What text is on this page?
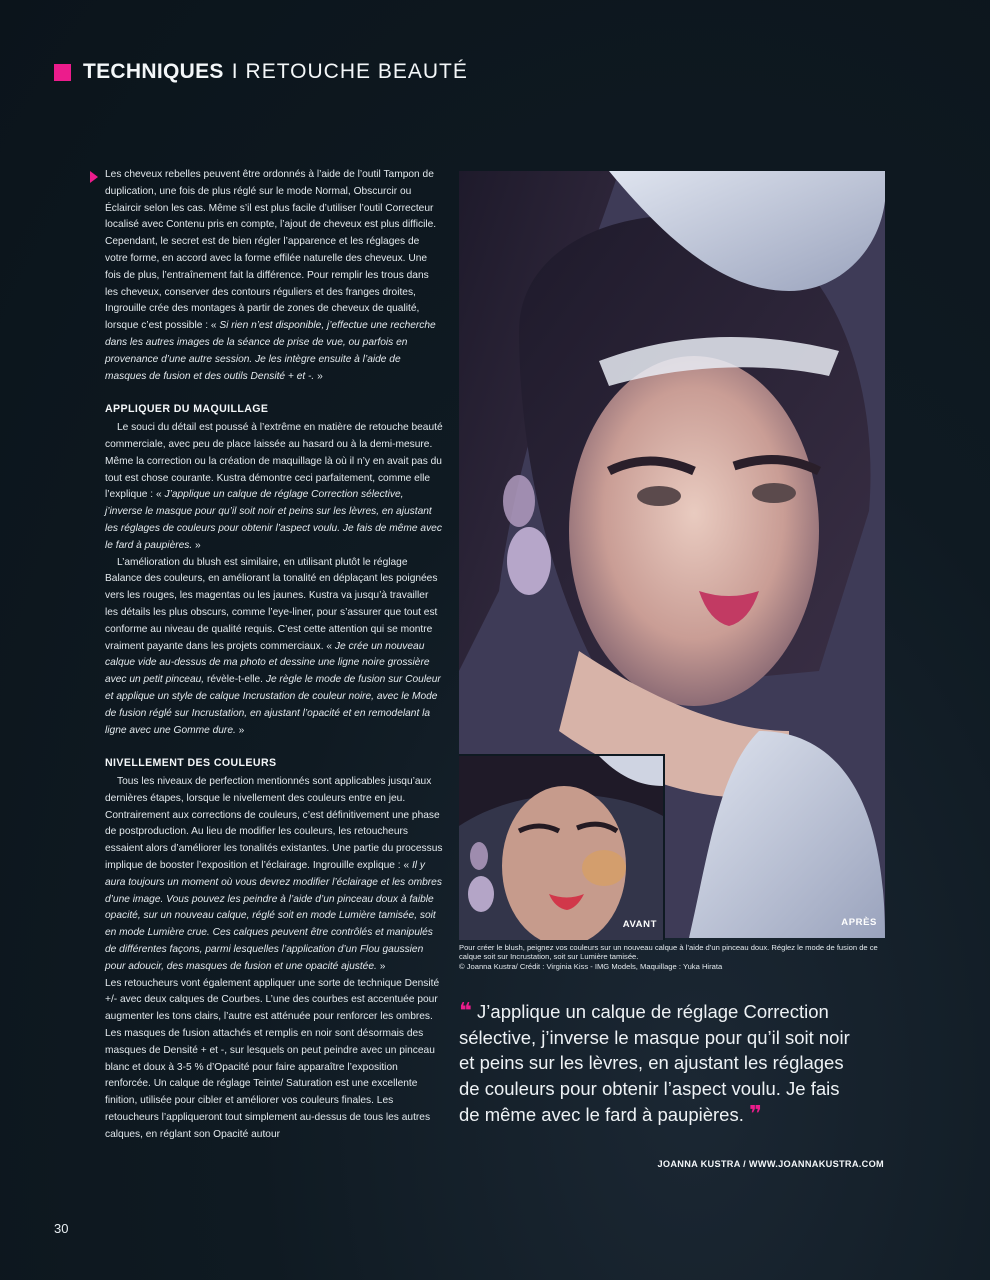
TECHNIQUES I RETOUCHE BEAUTÉ

Les cheveux rebelles peuvent être ordonnés à l’aide de l’outil Tampon de duplication, une fois de plus réglé sur le mode Normal, Obscurcir ou Éclaircir selon les cas. Même s’il est plus facile d’utiliser l’outil Correcteur localisé avec Contenu pris en compte, l’ajout de cheveux est plus difficile. Cependant, le secret est de bien régler l’apparence et les réglages de votre forme, en accord avec la forme effilée naturelle des cheveux. Une fois de plus, l’entraînement fait la différence. Pour remplir les trous dans les cheveux, conserver des contours réguliers et des franges droites, Ingrouille crée des montages à partir de zones de cheveux de qualité, lorsque c’est possible : « Si rien n’est disponible, j’effectue une recherche dans les autres images de la séance de prise de vue, ou parfois en provenance d’une autre session. Je les intègre ensuite à l’aide de masques de fusion et des outils Densité + et -. »

APPLIQUER DU MAQUILLAGE

Le souci du détail est poussé à l’extrême en matière de retouche beauté commerciale, avec peu de place laissée au hasard ou à la demi-mesure. Même la correction ou la création de maquillage là où il n’y en avait pas du tout est chose courante. Kustra démontre ceci parfaitement, comme elle l’explique : « J’applique un calque de réglage Correction sélective, j’inverse le masque pour qu’il soit noir et peins sur les lèvres, en ajustant les réglages de couleurs pour obtenir l’aspect voulu. Je fais de même avec le fard à paupières. »

L’amélioration du blush est similaire, en utilisant plutôt le réglage Balance des couleurs, en améliorant la tonalité en déplaçant les poignées vers les rouges, les magentas ou les jaunes. Kustra va jusqu’à travailler les détails les plus obscurs, comme l’eye-liner, pour s’assurer que tout est conforme au niveau de qualité requis. C’est cette attention qui se montre vraiment payante dans les projets commerciaux. « Je crée un nouveau calque vide au-dessus de ma photo et dessine une ligne noire grossière avec un petit pinceau, révèle-t-elle. Je règle le mode de fusion sur Couleur et applique un style de calque Incrustation de couleur noire, avec le Mode de fusion réglé sur Incrustation, en ajustant l’opacité et en remodelant la ligne avec une Gomme dure. »

NIVELLEMENT DES COULEURS

Tous les niveaux de perfection mentionnés sont applicables jusqu’aux dernières étapes, lorsque le nivellement des couleurs entre en jeu. Contrairement aux corrections de couleurs, c’est définitivement une phase de postproduction. Au lieu de modifier les couleurs, les retoucheurs essaient alors d’améliorer les tonalités existantes. Une partie du processus implique de booster l’exposition et l’éclairage. Ingrouille explique : « Il y aura toujours un moment où vous devrez modifier l’éclairage et les ombres d’une image. Vous pouvez les peindre à l’aide d’un pinceau doux à faible opacité, sur un nouveau calque, réglé soit en mode Lumière tamisée, soit en mode Lumière crue. Ces calques peuvent être contrôlés et manipulés de différentes façons, parmi lesquelles l’application d’un Flou gaussien pour adoucir, des masques de fusion et une opacité ajustée. »

Les retoucheurs vont également appliquer une sorte de technique Densité +/- avec deux calques de Courbes. L’une des courbes est accentuée pour augmenter les tons clairs, l’autre est atténuée pour renforcer les ombres. Les masques de fusion attachés et remplis en noir sont désormais des masques de Densité + et -, sur lesquels on peut peindre avec un pinceau blanc et doux à 3-5 % d’Opacité pour faire apparaître l’exposition renforcée. Un calque de réglage Teinte/ Saturation est une excellente finition, utilisée pour cibler et améliorer vos couleurs finales. Les retoucheurs l’appliqueront tout simplement au-dessus de tous les autres calques, en réglant son Opacité autour

APRÈS
AVANT
Pour créer le blush, peignez vos couleurs sur un nouveau calque à l’aide d’un pinceau doux. Réglez le mode de fusion de ce calque soit sur Incrustation, soit sur Lumière tamisée.
© Joanna Kustra/ Crédit : Virginia Kiss - IMG Models, Maquillage : Yuka Hirata
❝ J’applique un calque de réglage Correction sélective, j’inverse le masque pour qu’il soit noir et peins sur les lèvres, en ajustant les réglages de couleurs pour obtenir l’aspect voulu. Je fais de même avec le fard à paupières. ❞
JOANNA KUSTRA / WWW.JOANNAKUSTRA.COM
30
